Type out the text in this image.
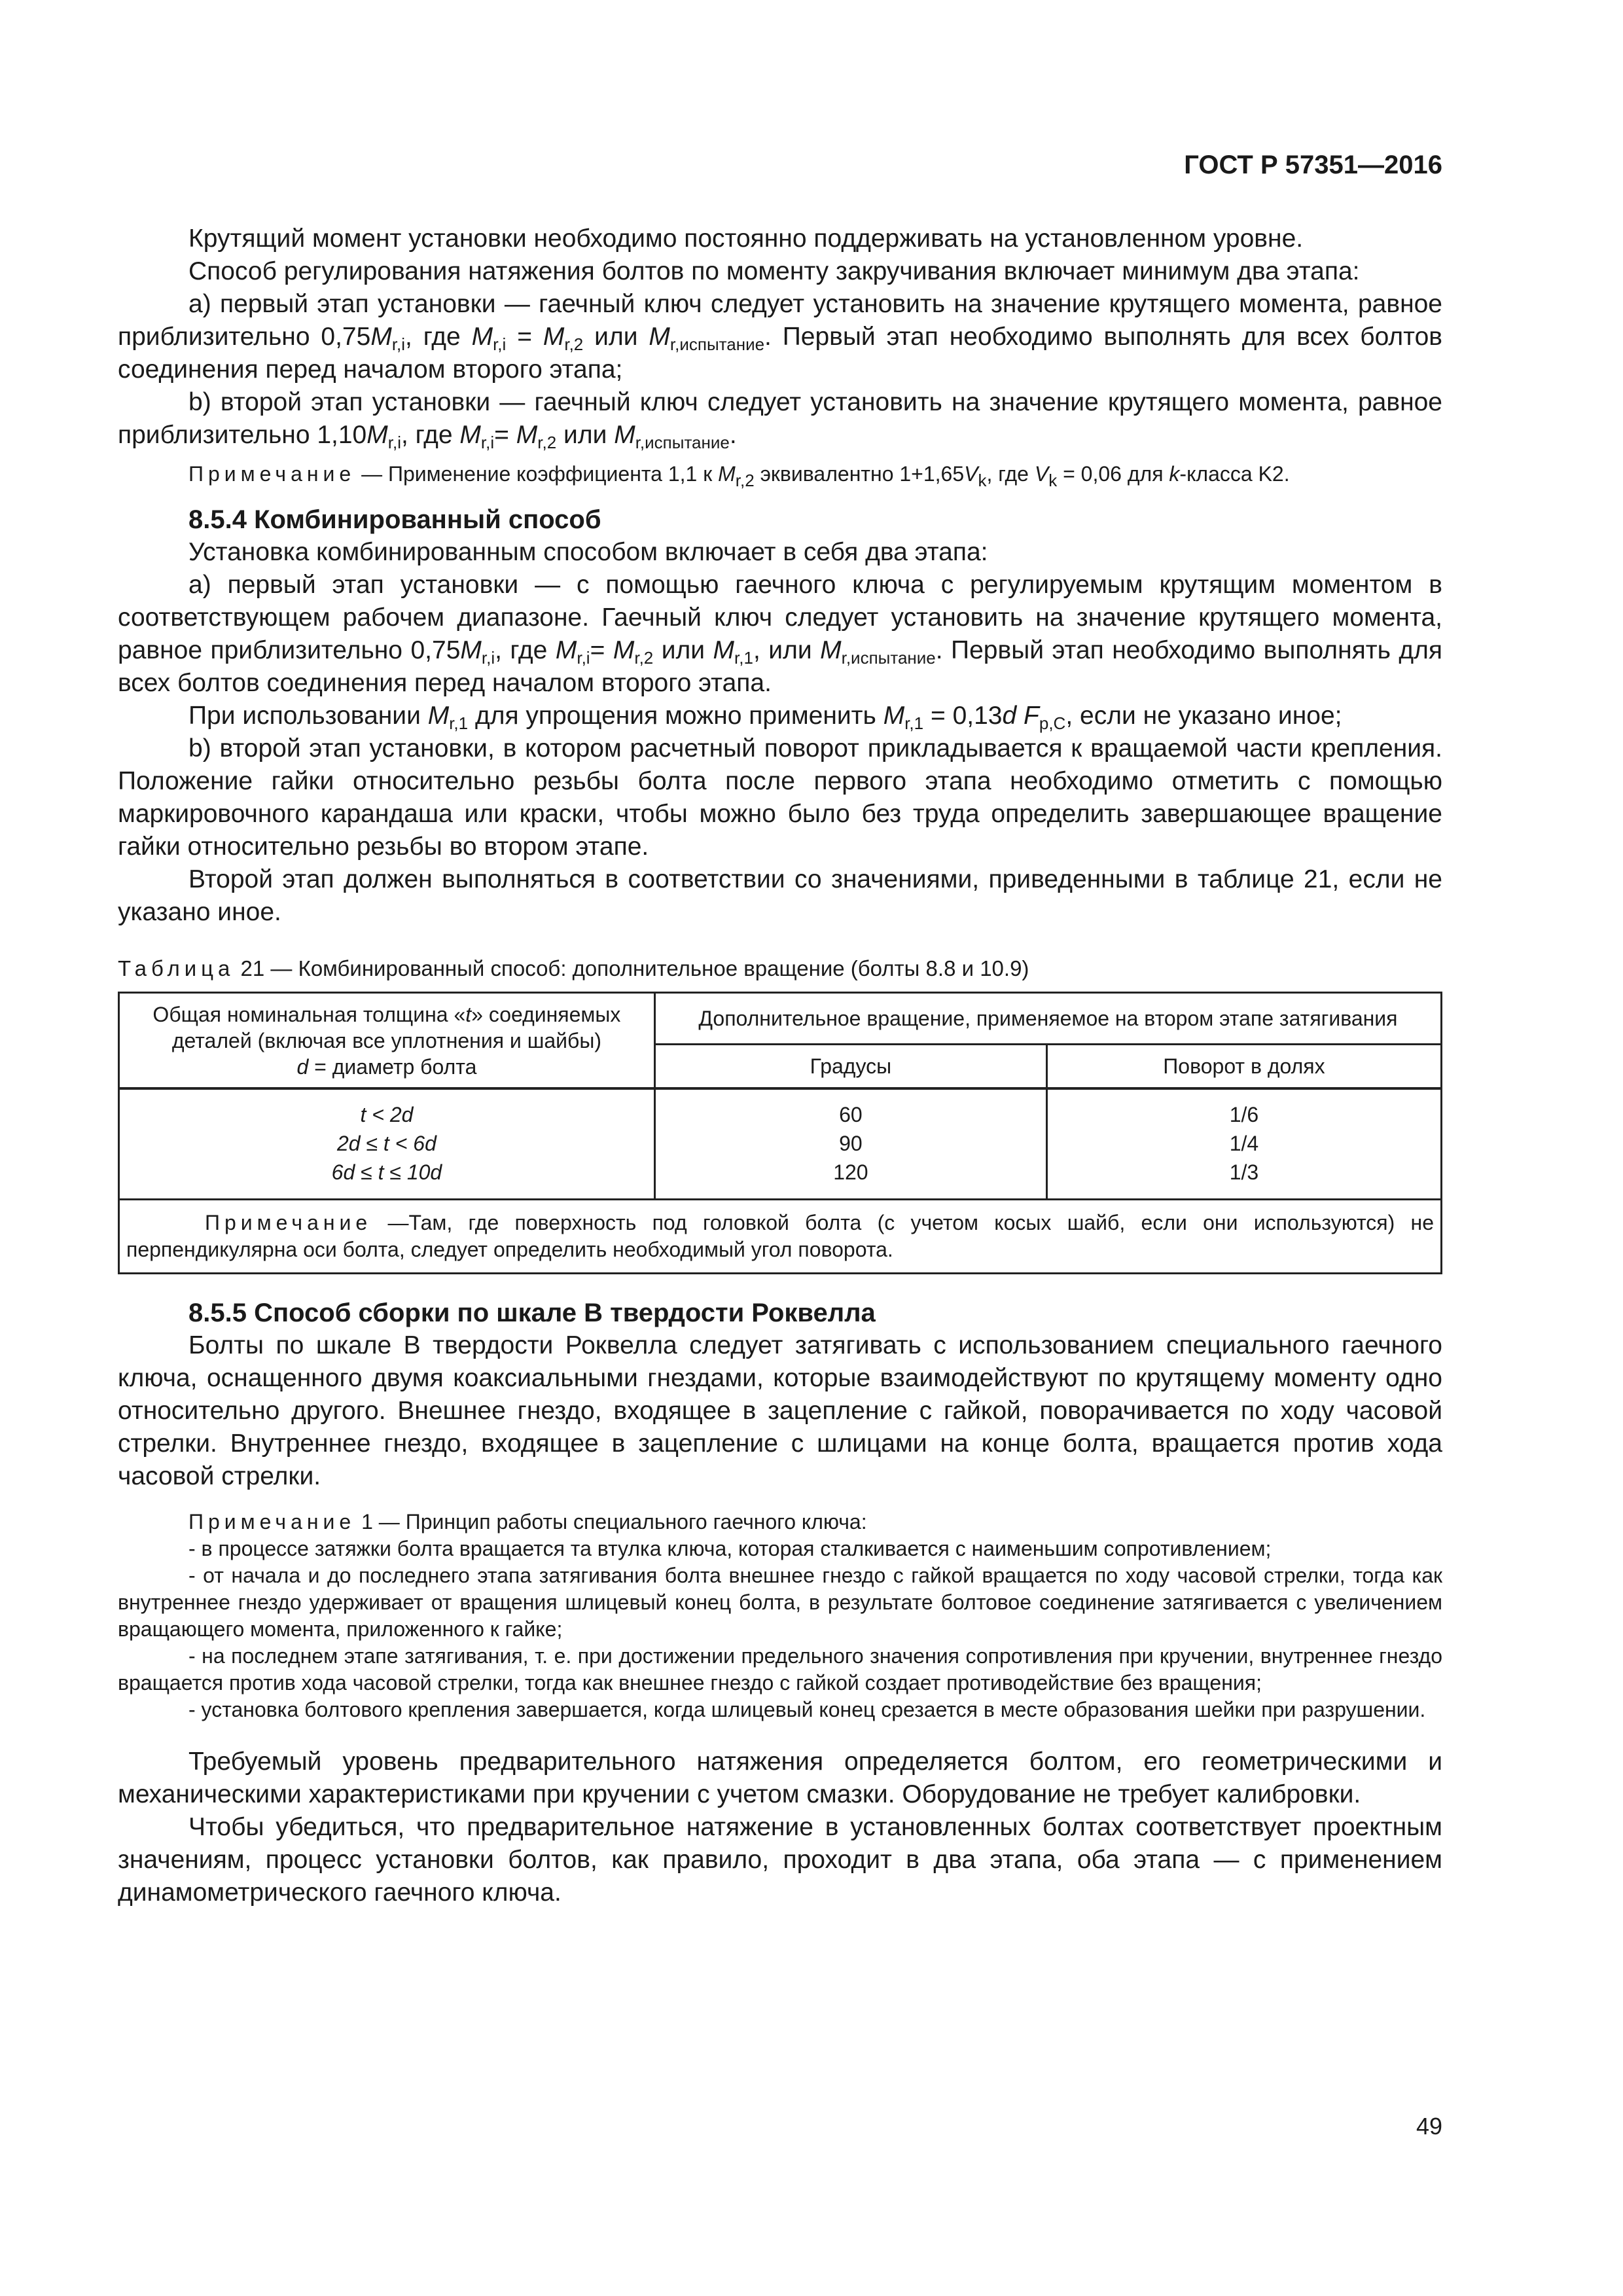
ГОСТ Р 57351—2016

Крутящий момент установки необходимо постоянно поддерживать на установленном уровне.

Способ регулирования натяжения болтов по моменту закручивания включает минимум два этапа:

а) первый этап установки — гаечный ключ следует установить на значение крутящего момента, равное приблизительно $0,75M_{r,i}$, где $M_{r,i} = M_{r,2}$ или $M_{r,испытание}$. Первый этап необходимо выполнять для всех болтов соединения перед началом второго этапа;

b) второй этап установки — гаечный ключ следует установить на значение крутящего момента, равное приблизительно $1,10M_{r,i}$, где $M_{r,i}= M_{r,2}$ или $M_{r,испытание}$.

Примечание — Применение коэффициента 1,1 к $M_{r,2}$ эквивалентно $1+1,65V_k$, где $V_k = 0,06$ для k-класса K2.

8.5.4 Комбинированный способ

Установка комбинированным способом включает в себя два этапа:

а) первый этап установки — с помощью гаечного ключа с регулируемым крутящим моментом в соответствующем рабочем диапазоне. Гаечный ключ следует установить на значение крутящего момента, равное приблизительно $0,75M_{r,i}$, где $M_{r,i}= M_{r,2}$ или $M_{r,1}$, или $M_{r,испытание}$. Первый этап необходимо выполнять для всех болтов соединения перед началом второго этапа.

При использовании $M_{r,1}$ для упрощения можно применить $M_{r,1} = 0,13d$ $F_{p,C}$, если не указано иное;

b) второй этап установки, в котором расчетный поворот прикладывается к вращаемой части крепления. Положение гайки относительно резьбы болта после первого этапа необходимо отметить с помощью маркировочного карандаша или краски, чтобы можно было без труда определить завершающее вращение гайки относительно резьбы во втором этапе.

Второй этап должен выполняться в соответствии со значениями, приведенными в таблице 21, если не указано иное.

Таблица 21 — Комбинированный способ: дополнительное вращение (болты 8.8 и 10.9)
Общая номинальная толщина «t» соединяемых деталей (включая все уплотнения и шайбы)
d = диаметр болта	Дополнительное вращение, применяемое на втором этапе затягивания	
	Градусы	Поворот в долях
t < 2d	60	1/6
2d ≤ t < 6d	90	1/4
6d ≤ t ≤ 10d	120	1/3
Примечание —Там, где поверхность под головкой болта (с учетом косых шайб, если они используются) не перпендикулярна оси болта, следует определить необходимый угол поворота.		
8.5.5 Способ сборки по шкале B твердости Роквелла

Болты по шкале B твердости Роквелла следует затягивать с использованием специального гаечного ключа, оснащенного двумя коаксиальными гнездами, которые взаимодействуют по крутящему моменту одно относительно другого. Внешнее гнездо, входящее в зацепление с гайкой, поворачивается по ходу часовой стрелки. Внутреннее гнездо, входящее в зацепление с шлицами на конце болта, вращается против хода часовой стрелки.

Примечание 1 — Принцип работы специального гаечного ключа:

- в процессе затяжки болта вращается та втулка ключа, которая сталкивается с наименьшим сопротивлением;

- от начала и до последнего этапа затягивания болта внешнее гнездо с гайкой вращается по ходу часовой стрелки, тогда как внутреннее гнездо удерживает от вращения шлицевый конец болта, в результате болтовое соединение затягивается с увеличением вращающего момента, приложенного к гайке;

- на последнем этапе затягивания, т. е. при достижении предельного значения сопротивления при кручении, внутреннее гнездо вращается против хода часовой стрелки, тогда как внешнее гнездо с гайкой создает противодействие без вращения;

- установка болтового крепления завершается, когда шлицевый конец срезается в месте образования шейки при разрушении.

Требуемый уровень предварительного натяжения определяется болтом, его геометрическими и механическими характеристиками при кручении с учетом смазки. Оборудование не требует калибровки.

Чтобы убедиться, что предварительное натяжение в установленных болтах соответствует проектным значениям, процесс установки болтов, как правило, проходит в два этапа, оба этапа — с применением динамометрического гаечного ключа.

49
